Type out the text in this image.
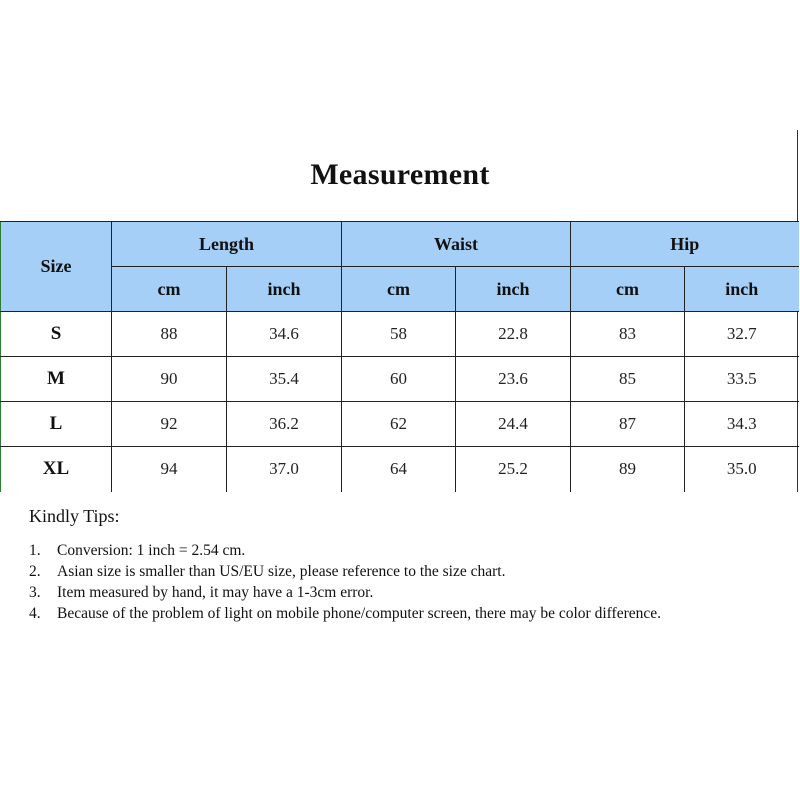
Measurement
Size	Length		Waist		Hip	
	cm	inch	cm	inch	cm	inch
S	88	34.6	58	22.8	83	32.7
M	90	35.4	60	23.6	85	33.5
L	92	36.2	62	24.4	87	34.3
XL	94	37.0	64	25.2	89	35.0
Kindly Tips:
1.	Conversion: 1 inch = 2.54 cm.
2.	Asian size is smaller than US/EU size, please reference to the size chart.
3.	Item measured by hand, it may have a 1-3cm error.
4.	Because of the problem of light on mobile phone/computer screen, there may be color difference.
